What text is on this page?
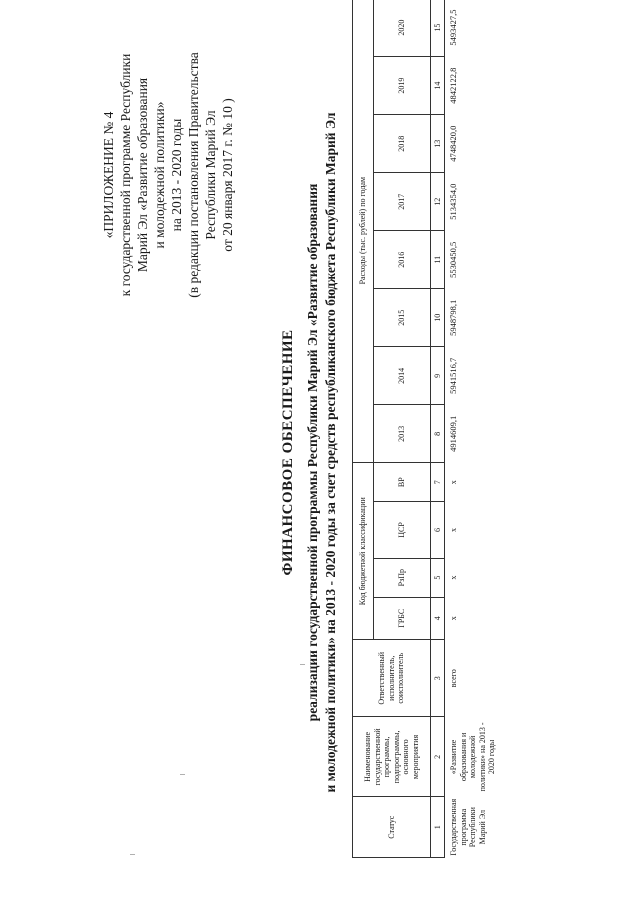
«ПРИЛОЖЕНИЕ № 4 к государственной программе Республики Марий Эл «Развитие образования и молодежной политики» на 2013 - 2020 годы (в редакции постановления Правительства Республики Марий Эл от 20 января 2017 г. № 10 )
ФИНАНСОВОЕ ОБЕСПЕЧЕНИЕ реализации государственной программы Республики Марий Эл «Развитие образования и молодежной политики» на 2013 - 2020 годы за счет средств республиканского бюджета Республики Марий Эл
Статус	Наименование государственной программы, подпрограммы, основного мероприятия	Ответственный исполнитель, соисполнитель	Код бюджетной классификации				Расходы (тыс. рублей) по годам							
			ГРБС	РзПр	ЦСР	ВР	2013	2014	2015	2016	2017	2018	2019	2020
1	2	3	4	5	6	7	8	9	10	11	12	13	14	15
Государственная программа Республики Марий Эл	«Развитие образования и молодежной политики» на 2013 - 2020 годы	всего	х	х	х	х	4914609,1	5941516,7	5948798,1	5530450,5	5134354,0	4748420,0	4842122,8	5493427,5
